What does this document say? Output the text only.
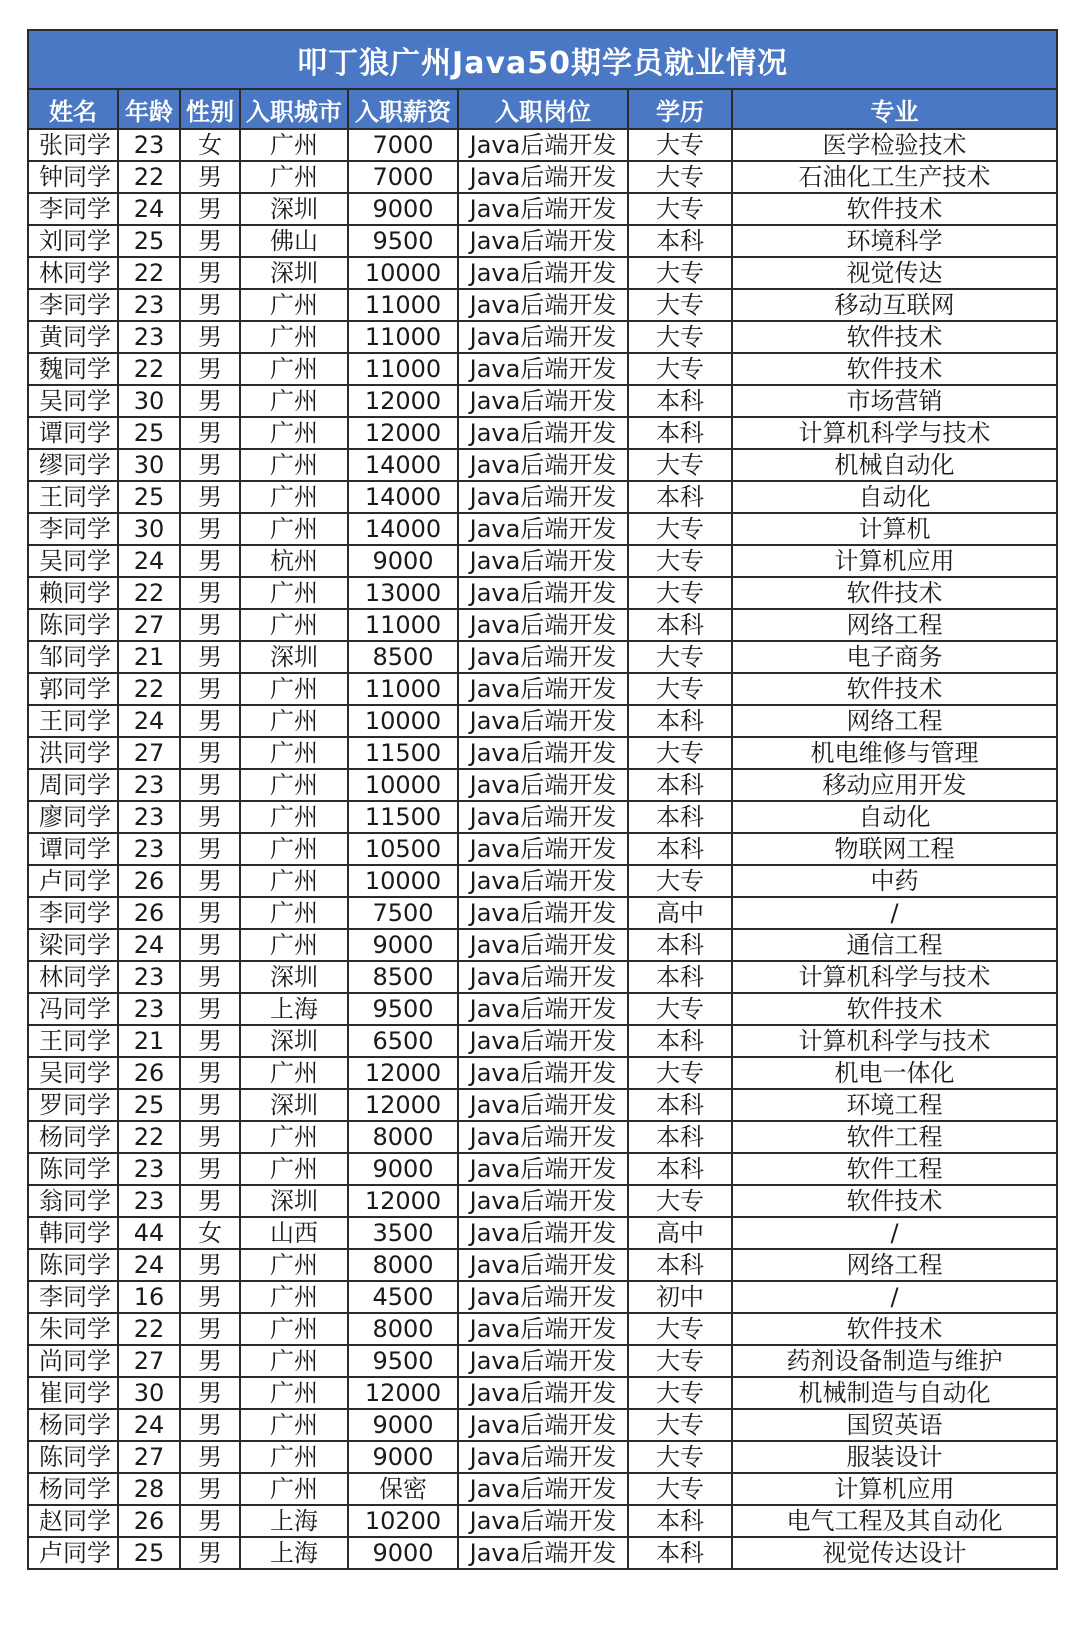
叩丁狼广州Java50期学员就业情况							
姓名	年龄	性别	入职城市	入职薪资	入职岗位	学历	专业
张同学	23	女	广州	7000	Java后端开发	大专	医学检验技术
钟同学	22	男	广州	7000	Java后端开发	大专	石油化工生产技术
李同学	24	男	深圳	9000	Java后端开发	大专	软件技术
刘同学	25	男	佛山	9500	Java后端开发	本科	环境科学
林同学	22	男	深圳	10000	Java后端开发	大专	视觉传达
李同学	23	男	广州	11000	Java后端开发	大专	移动互联网
黄同学	23	男	广州	11000	Java后端开发	大专	软件技术
魏同学	22	男	广州	11000	Java后端开发	大专	软件技术
吴同学	30	男	广州	12000	Java后端开发	本科	市场营销
谭同学	25	男	广州	12000	Java后端开发	本科	计算机科学与技术
缪同学	30	男	广州	14000	Java后端开发	大专	机械自动化
王同学	25	男	广州	14000	Java后端开发	本科	自动化
李同学	30	男	广州	14000	Java后端开发	大专	计算机
吴同学	24	男	杭州	9000	Java后端开发	大专	计算机应用
赖同学	22	男	广州	13000	Java后端开发	大专	软件技术
陈同学	27	男	广州	11000	Java后端开发	本科	网络工程
邹同学	21	男	深圳	8500	Java后端开发	大专	电子商务
郭同学	22	男	广州	11000	Java后端开发	大专	软件技术
王同学	24	男	广州	10000	Java后端开发	本科	网络工程
洪同学	27	男	广州	11500	Java后端开发	大专	机电维修与管理
周同学	23	男	广州	10000	Java后端开发	本科	移动应用开发
廖同学	23	男	广州	11500	Java后端开发	本科	自动化
谭同学	23	男	广州	10500	Java后端开发	本科	物联网工程
卢同学	26	男	广州	10000	Java后端开发	大专	中药
李同学	26	男	广州	7500	Java后端开发	高中	/
梁同学	24	男	广州	9000	Java后端开发	本科	通信工程
林同学	23	男	深圳	8500	Java后端开发	本科	计算机科学与技术
冯同学	23	男	上海	9500	Java后端开发	大专	软件技术
王同学	21	男	深圳	6500	Java后端开发	本科	计算机科学与技术
吴同学	26	男	广州	12000	Java后端开发	大专	机电一体化
罗同学	25	男	深圳	12000	Java后端开发	本科	环境工程
杨同学	22	男	广州	8000	Java后端开发	本科	软件工程
陈同学	23	男	广州	9000	Java后端开发	本科	软件工程
翁同学	23	男	深圳	12000	Java后端开发	大专	软件技术
韩同学	44	女	山西	3500	Java后端开发	高中	/
陈同学	24	男	广州	8000	Java后端开发	本科	网络工程
李同学	16	男	广州	4500	Java后端开发	初中	/
朱同学	22	男	广州	8000	Java后端开发	大专	软件技术
尚同学	27	男	广州	9500	Java后端开发	大专	药剂设备制造与维护
崔同学	30	男	广州	12000	Java后端开发	大专	机械制造与自动化
杨同学	24	男	广州	9000	Java后端开发	大专	国贸英语
陈同学	27	男	广州	9000	Java后端开发	大专	服装设计
杨同学	28	男	广州	保密	Java后端开发	大专	计算机应用
赵同学	26	男	上海	10200	Java后端开发	本科	电气工程及其自动化
卢同学	25	男	上海	9000	Java后端开发	本科	视觉传达设计
